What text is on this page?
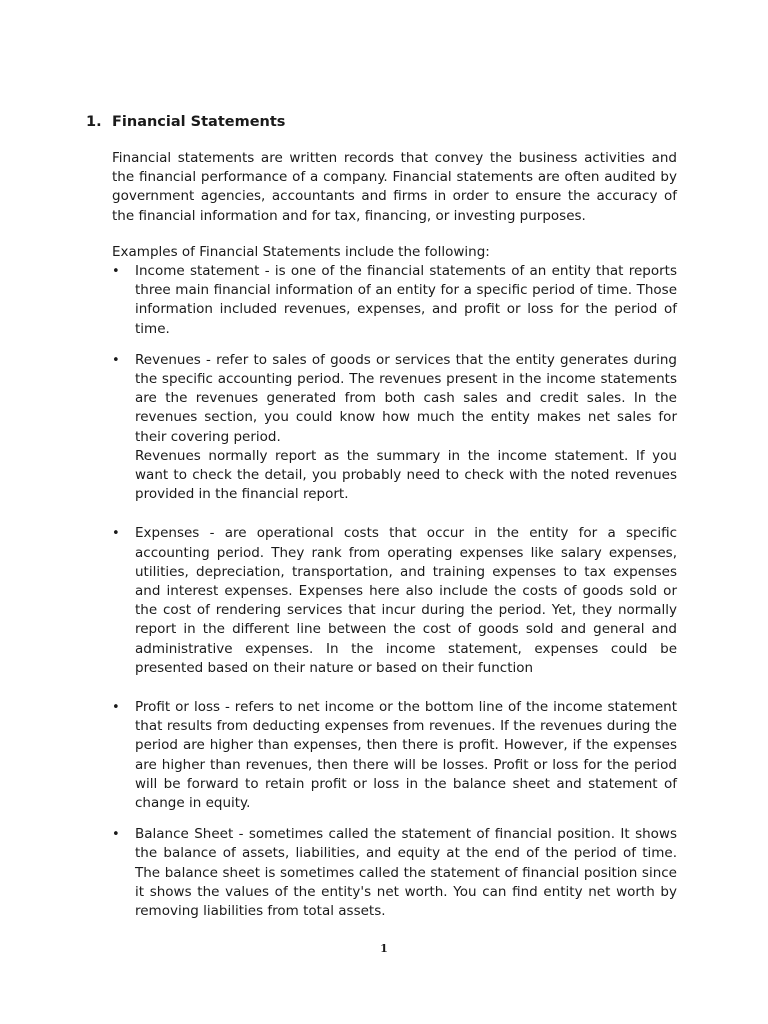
1. Financial Statements

Financial statements are written records that convey the business activities and the financial performance of a company. Financial statements are often audited by government agencies, accountants and firms in order to ensure the accuracy of the financial information and for tax, financing, or investing purposes.

Examples of Financial Statements include the following:

• Income statement - is one of the financial statements of an entity that reports three main financial information of an entity for a specific period of time. Those information included revenues, expenses, and profit or loss for the period of time.

• Revenues - refer to sales of goods or services that the entity generates during the specific accounting period. The revenues present in the income statements are the revenues generated from both cash sales and credit sales. In the revenues section, you could know how much the entity makes net sales for their covering period.

Revenues normally report as the summary in the income statement. If you want to check the detail, you probably need to check with the noted revenues provided in the financial report.

• Expenses - are operational costs that occur in the entity for a specific accounting period. They rank from operating expenses like salary expenses, utilities, depreciation, transportation, and training expenses to tax expenses and interest expenses. Expenses here also include the costs of goods sold or the cost of rendering services that incur during the period. Yet, they normally report in the different line between the cost of goods sold and general and administrative expenses. In the income statement, expenses could be presented based on their nature or based on their function

• Profit or loss - refers to net income or the bottom line of the income statement that results from deducting expenses from revenues. If the revenues during the period are higher than expenses, then there is profit. However, if the expenses are higher than revenues, then there will be losses. Profit or loss for the period will be forward to retain profit or loss in the balance sheet and statement of change in equity.

• Balance Sheet - sometimes called the statement of financial position. It shows the balance of assets, liabilities, and equity at the end of the period of time. The balance sheet is sometimes called the statement of financial position since it shows the values of the entity's net worth. You can find entity net worth by removing liabilities from total assets.

1
